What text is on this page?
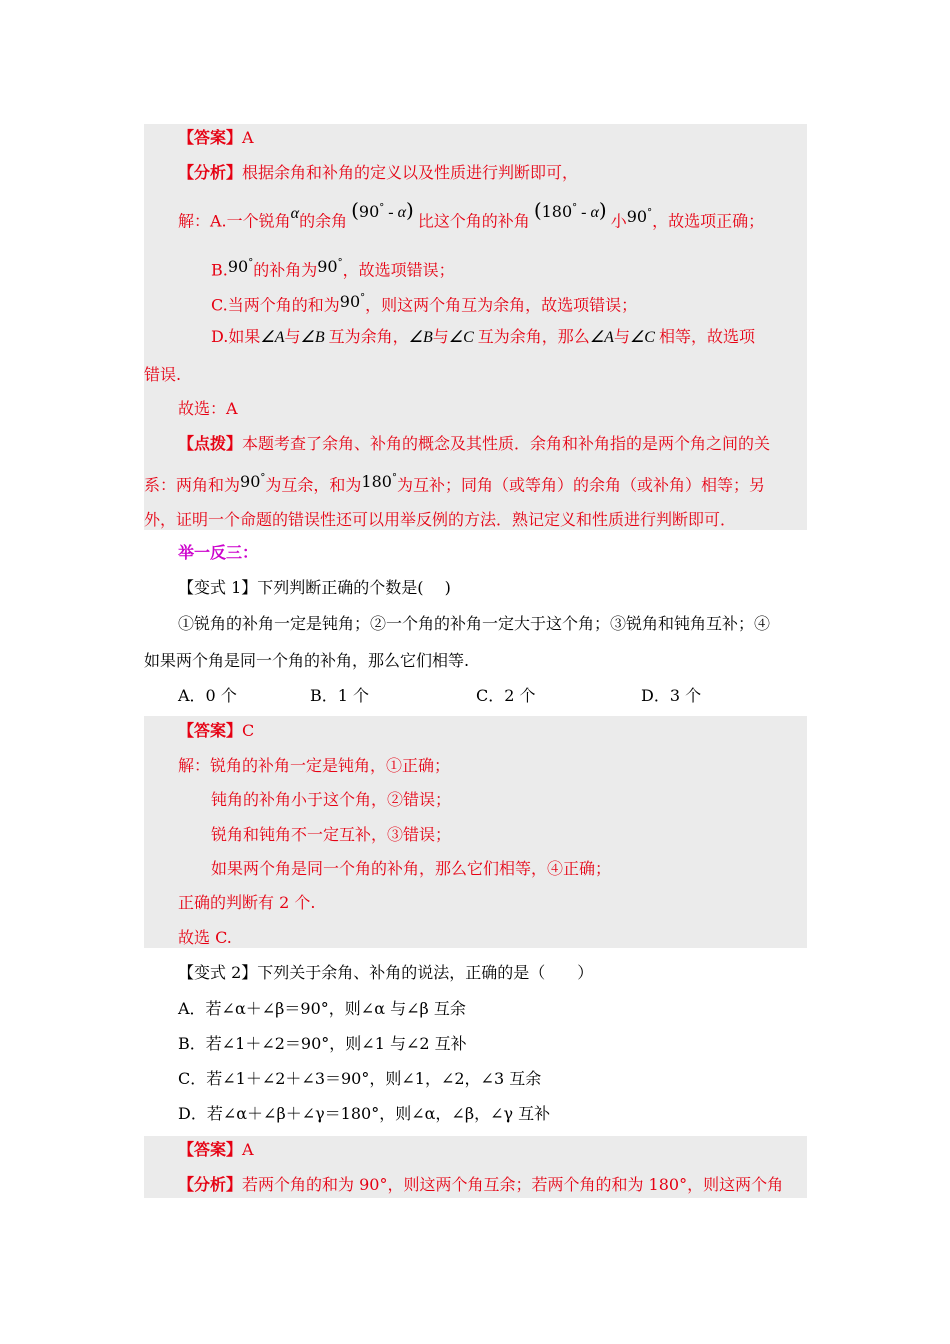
【答案】A
【分析】根据余角和补角的定义以及性质进行判断即可，
解：A.一个锐角α的余角 (90° - α) 比这个角的补角 (180° - α) 小90°，故选项正确；
B.90°的补角为90°，故选项错误；
C.当两个角的和为90°，则这两个角互为余角，故选项错误；
D.如果∠A与∠B 互为余角，∠B与∠C 互为余角，那么∠A与∠C 相等，故选项
错误.
故选：A
【点拨】本题考查了余角、补角的概念及其性质．余角和补角指的是两个角之间的关
系：两角和为90°为互余，和为180°为互补；同角（或等角）的余角（或补角）相等；另
外，证明一个命题的错误性还可以用举反例的方法．熟记定义和性质进行判断即可．
举一反三：
【变式 1】下列判断正确的个数是(　 )
①锐角的补角一定是钝角；②一个角的补角一定大于这个角；③锐角和钝角互补；④
如果两个角是同一个角的补角，那么它们相等.
A．0 个	B．1 个	C．2 个	D．3 个
【答案】C
解：锐角的补角一定是钝角，①正确；
钝角的补角小于这个角，②错误；
锐角和钝角不一定互补，③错误；
如果两个角是同一个角的补角，那么它们相等，④正确；
正确的判断有 2 个.
故选 C.
【变式 2】下列关于余角、补角的说法，正确的是（　　）
A．若∠α＋∠β＝90°，则∠α 与∠β 互余
B．若∠1＋∠2＝90°，则∠1 与∠2 互补
C．若∠1＋∠2＋∠3＝90°，则∠1，∠2，∠3 互余
D．若∠α＋∠β＋∠γ＝180°，则∠α，∠β，∠γ 互补
【答案】A
【分析】若两个角的和为 90°，则这两个角互余；若两个角的和为 180°，则这两个角
